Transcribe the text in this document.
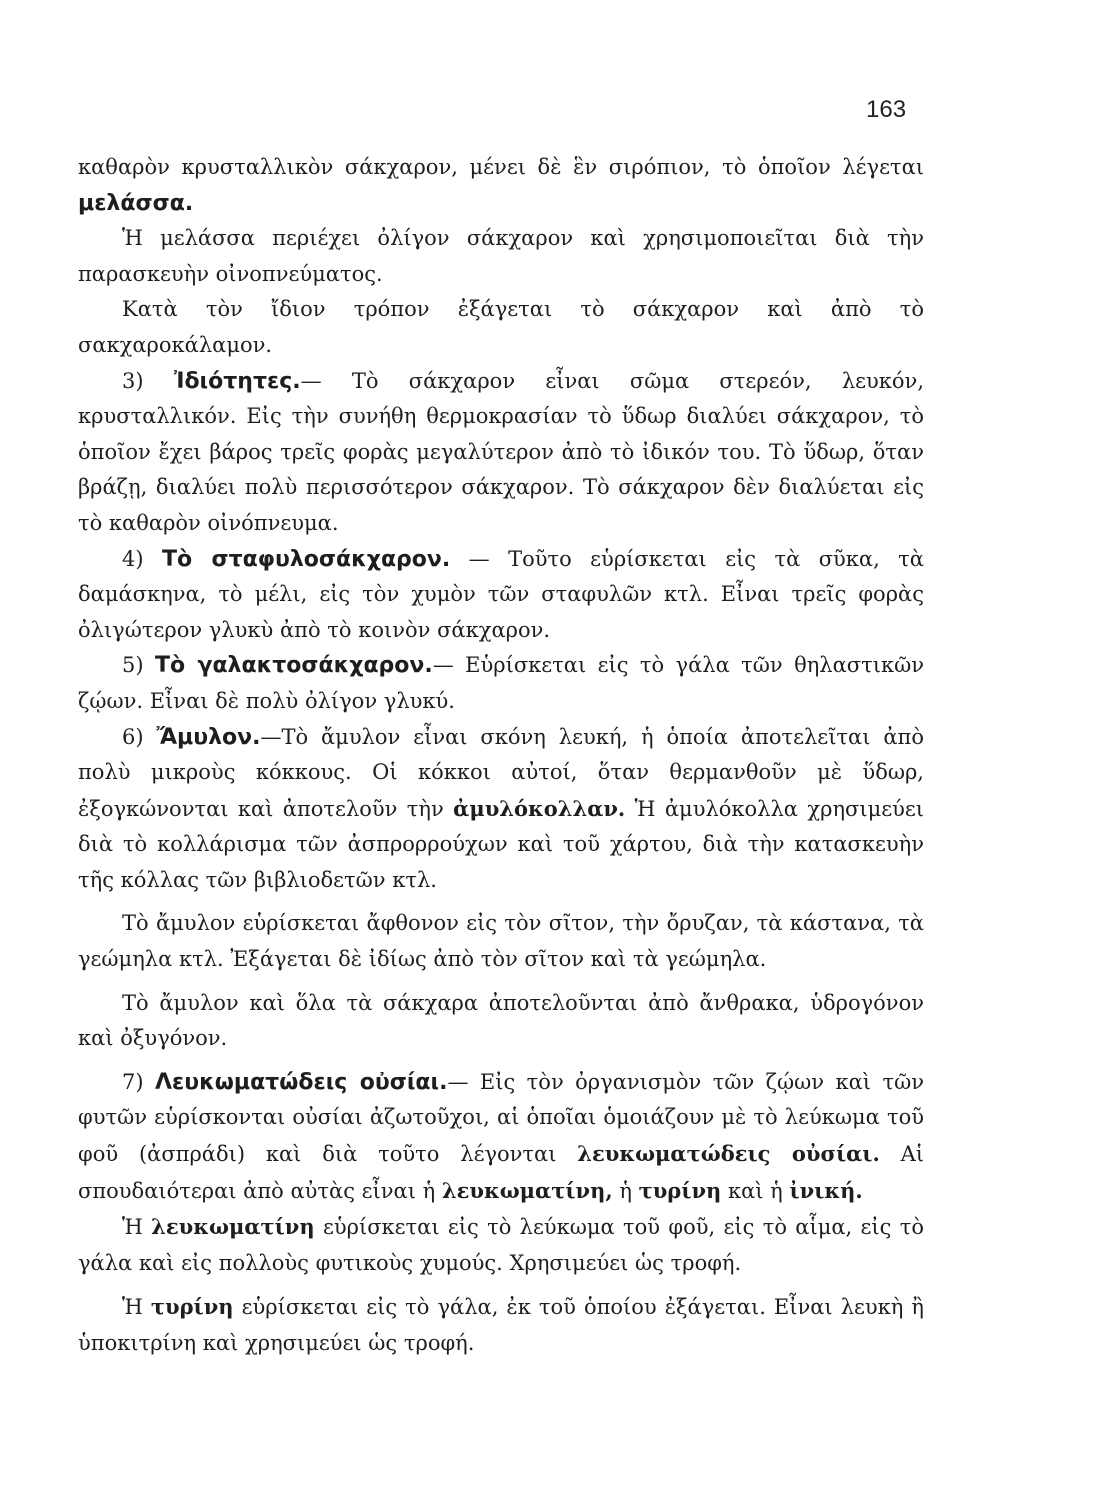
163

καθαρὸν κρυσταλλικὸν σάκχαρον, μένει δὲ ἓν σιρόπιον, τὸ ὁποῖον λέγεται μελάσσα.

Ἡ μελάσσα περιέχει ὀλίγον σάκχαρον καὶ χρησιμοποιεῖται διὰ τὴν παρασκευὴν οἰνοπνεύματος.

Κατὰ τὸν ἴδιον τρόπον ἐξάγεται τὸ σάκχαρον καὶ ἀπὸ τὸ σακχαροκάλαμον.

3) Ἰδιότητες.— Τὸ σάκχαρον εἶναι σῶμα στερεόν, λευκόν, κρυσταλλικόν. Εἰς τὴν συνήθη θερμοκρασίαν τὸ ὕδωρ διαλύει σάκχαρον, τὸ ὁποῖον ἔχει βάρος τρεῖς φορὰς μεγαλύτερον ἀπὸ τὸ ἰδικόν του. Τὸ ὕδωρ, ὅταν βράζῃ, διαλύει πολὺ περισσότερον σάκχαρον. Τὸ σάκχαρον δὲν διαλύεται εἰς τὸ καθαρὸν οἰνόπνευμα.

4) Τὸ σταφυλοσάκχαρον. — Τοῦτο εὑρίσκεται εἰς τὰ σῦκα, τὰ δαμάσκηνα, τὸ μέλι, εἰς τὸν χυμὸν τῶν σταφυλῶν κτλ. Εἶναι τρεῖς φορὰς ὀλιγώτερον γλυκὺ ἀπὸ τὸ κοινὸν σάκχαρον.

5) Τὸ γαλακτοσάκχαρον.— Εὑρίσκεται εἰς τὸ γάλα τῶν θηλαστικῶν ζῴων. Εἶναι δὲ πολὺ ὀλίγον γλυκύ.

6) Ἄμυλον.—Τὸ ἄμυλον εἶναι σκόνη λευκή, ἡ ὁποία ἀποτελεῖται ἀπὸ πολὺ μικροὺς κόκκους. Οἱ κόκκοι αὐτοί, ὅταν θερμανθοῦν μὲ ὕδωρ, ἐξογκώνονται καὶ ἀποτελοῦν τὴν ἀμυλόκολλαν. Ἡ ἀμυλόκολλα χρησιμεύει διὰ τὸ κολλάρισμα τῶν ἀσπρορρούχων καὶ τοῦ χάρτου, διὰ τὴν κατασκευὴν τῆς κόλλας τῶν βιβλιοδετῶν κτλ.

Τὸ ἄμυλον εὑρίσκεται ἄφθονον εἰς τὸν σῖτον, τὴν ὄρυζαν, τὰ κάστανα, τὰ γεώμηλα κτλ. Ἐξάγεται δὲ ἰδίως ἀπὸ τὸν σῖτον καὶ τὰ γεώμηλα.

Τὸ ἄμυλον καὶ ὅλα τὰ σάκχαρα ἀποτελοῦνται ἀπὸ ἄνθρακα, ὑδρογόνον καὶ ὀξυγόνον.

7) Λευκωματώδεις οὐσίαι.— Εἰς τὸν ὀργανισμὸν τῶν ζῴων καὶ τῶν φυτῶν εὑρίσκονται οὐσίαι ἀζωτοῦχοι, αἱ ὁποῖαι ὁμοιάζουν μὲ τὸ λεύκωμα τοῦ φοῦ (ἀσπράδι) καὶ διὰ τοῦτο λέγονται λευκωματώδεις οὐσίαι. Αἱ σπουδαιότεραι ἀπὸ αὐτὰς εἶναι ἡ λευκωματίνη, ἡ τυρίνη καὶ ἡ ἰνική.

Ἡ λευκωματίνη εὑρίσκεται εἰς τὸ λεύκωμα τοῦ φοῦ, εἰς τὸ αἷμα, εἰς τὸ γάλα καὶ εἰς πολλοὺς φυτικοὺς χυμούς. Χρησιμεύει ὡς τροφή.

Ἡ τυρίνη εὑρίσκεται εἰς τὸ γάλα, ἐκ τοῦ ὁποίου ἐξάγεται. Εἶναι λευκὴ ἢ ὑποκιτρίνη καὶ χρησιμεύει ὡς τροφή.
